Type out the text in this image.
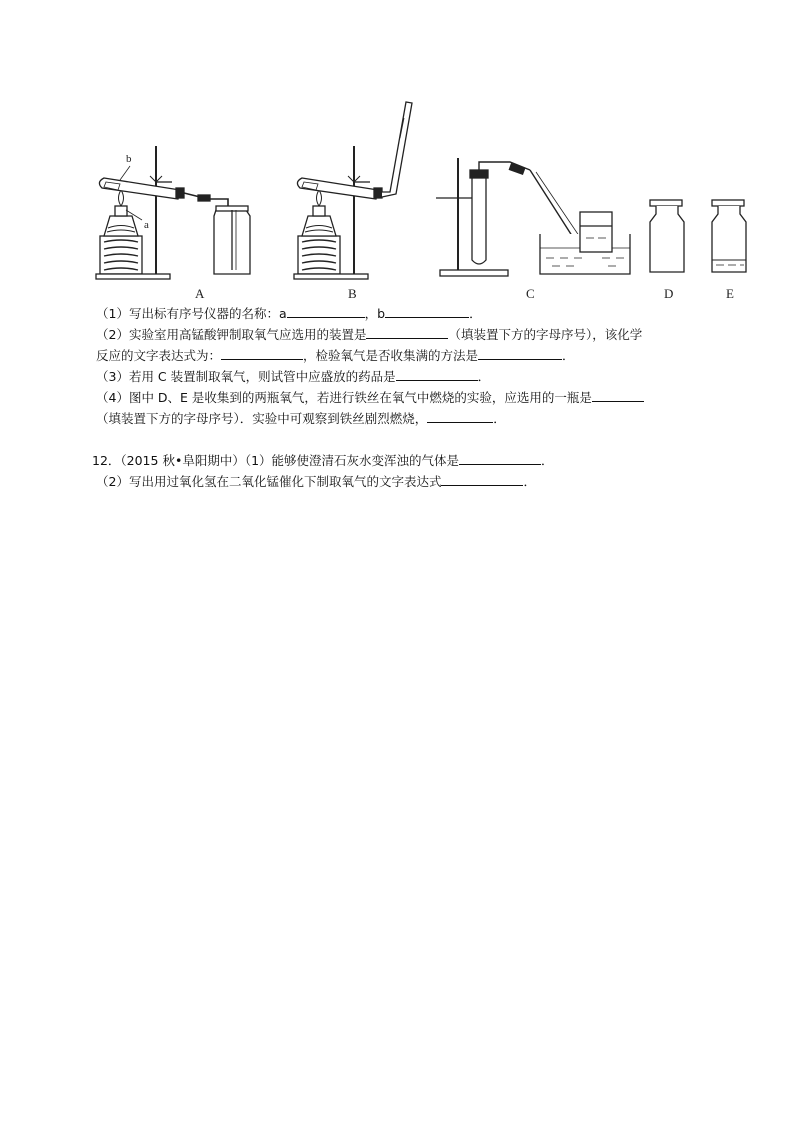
b
a
A	B	C	D	E
（1）写出标有序号仪器的名称：a	，b	．
（2）实验室用高锰酸钾制取氧气应选用的装置是	（填装置下方的字母序号），该化学
反应的文字表达式为：	，检验氧气是否收集满的方法是	．
（3）若用 C 装置制取氧气，则试管中应盛放的药品是	．
（4）图中 D、E 是收集到的两瓶氧气，若进行铁丝在氧气中燃烧的实验，应选用的一瓶是
（填装置下方的字母序号）．实验中可观察到铁丝剧烈燃烧，	．
12．（2015 秋•阜阳期中）（1）能够使澄清石灰水变浑浊的气体是	．
（2）写出用过氧化氢在二氧化锰催化下制取氧气的文字表达式	．
